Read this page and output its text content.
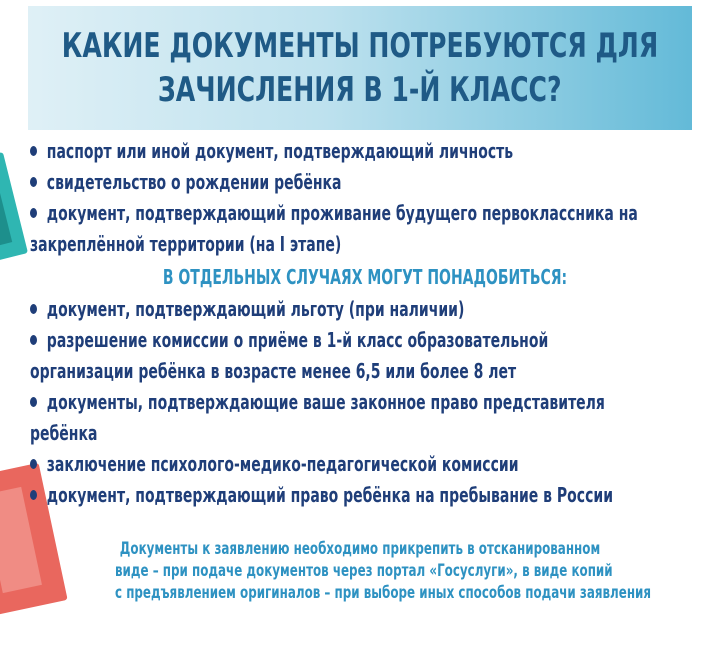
КАКИЕ ДОКУМЕНТЫ ПОТРЕБУЮТСЯ ДЛЯ
ЗАЧИСЛЕНИЯ В 1-Й КЛАСС?
паспорт или иной документ, подтверждающий личность
свидетельство о рождении ребёнка
документ, подтверждающий проживание будущего первоклассника на
закреплённой территории (на I этапе)
В ОТДЕЛЬНЫХ СЛУЧАЯХ МОГУТ ПОНАДОБИТЬСЯ:
документ, подтверждающий льготу (при наличии)
разрешение комиссии о приёме в 1-й класс образовательной
организации ребёнка в возрасте менее 6,5 или более 8 лет
документы, подтверждающие ваше законное право представителя
ребёнка
заключение психолого-медико-педагогической комиссии
документ, подтверждающий право ребёнка на пребывание в России
Документы к заявлению необходимо прикрепить в отсканированном
виде – при подаче документов через портал «Госуслуги», в виде копий
с предъявлением оригиналов – при выборе иных способов подачи заявления
